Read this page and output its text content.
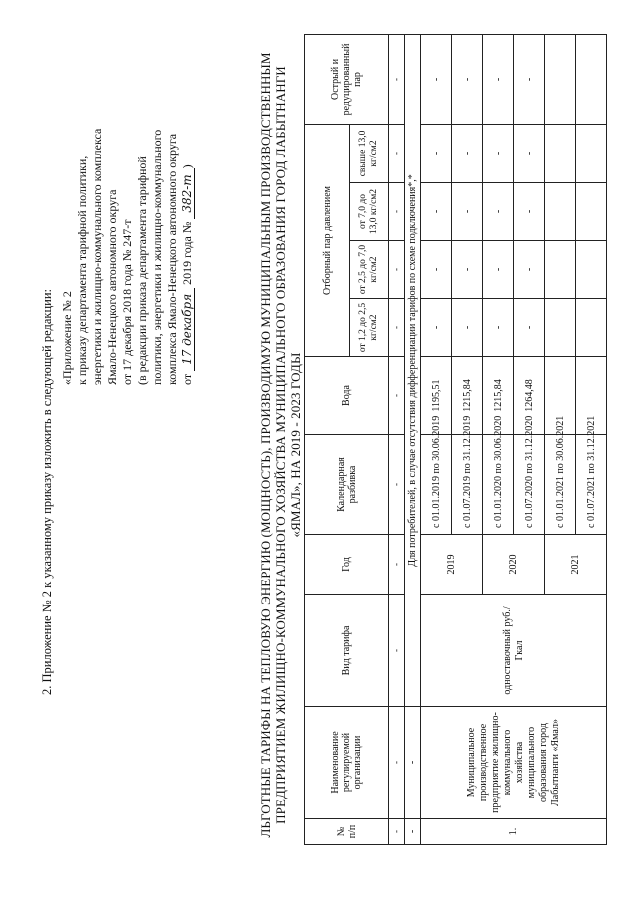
2. Приложение № 2 к указанному приказу изложить в следующей редакции: «Приложение № 2 к приказу департамента тарифной политики, энергетики и жилищно-коммунального комплекса Ямало-Ненецкого автономного округа от 17 декабря 2018 года № 247-т (в редакции приказа департамента тарифной политики, энергетики и жилищно-коммунального комплекса Ямало-Ненецкого автономного округа от 17 декабря 2019 года № 382-т)	ЛЬГОТНЫЕ ТАРИФЫ НА ТЕПЛОВУЮ ЭНЕРГИЮ (МОЩНОСТЬ), ПРОИЗВОДИМУЮ МУНИЦИПАЛЬНЫМ ПРОИЗВОДСТВЕННЫМ ПРЕДПРИЯТИЕМ ЖИЛИЩНО-КОММУНАЛЬНОГО ХОЗЯЙСТВА МУНИЦИПАЛЬНОГО ОБРАЗОВАНИЯ ГОРОД ЛАБЫТНАНГИ «ЯМАЛ», НА 2019 - 2023 ГОДЫ
№ п/п	Наименование регулируемой организации	Вид тарифа	Год	Календарная разбивка	Вода	Отборный пар давлением				Острый и редуцированный пар
						от 1,2 до 2,5 кг/см2	от 2,5 до 7,0 кг/см2	от 7,0 до 13,0 кг/см2	свыше 13,0 кг/см2	
-	-	-	-	-	-	-	-	-	-	-
-	-	Для потребителей, в случае отсутствия дифференциации тарифов по схеме подключения*,*								
1.	Муниципальное производственное предприятие жилищно-коммунального хозяйства муниципального образования город Лабытнанги «Ямал»	одноставочный руб./Гкал	2019	с 01.01.2019 по 30.06.2019	1195,51	-	-	-	-	-
				с 01.07.2019 по 31.12.2019	1215,84	-	-	-	-	-
			2020	с 01.01.2020 по 30.06.2020	1215,84	-	-	-	-	-
				с 01.07.2020 по 31.12.2020	1264,48	-	-	-	-	-
			2021	с 01.01.2021 по 30.06.2021						
				с 01.07.2021 по 31.12.2021						
